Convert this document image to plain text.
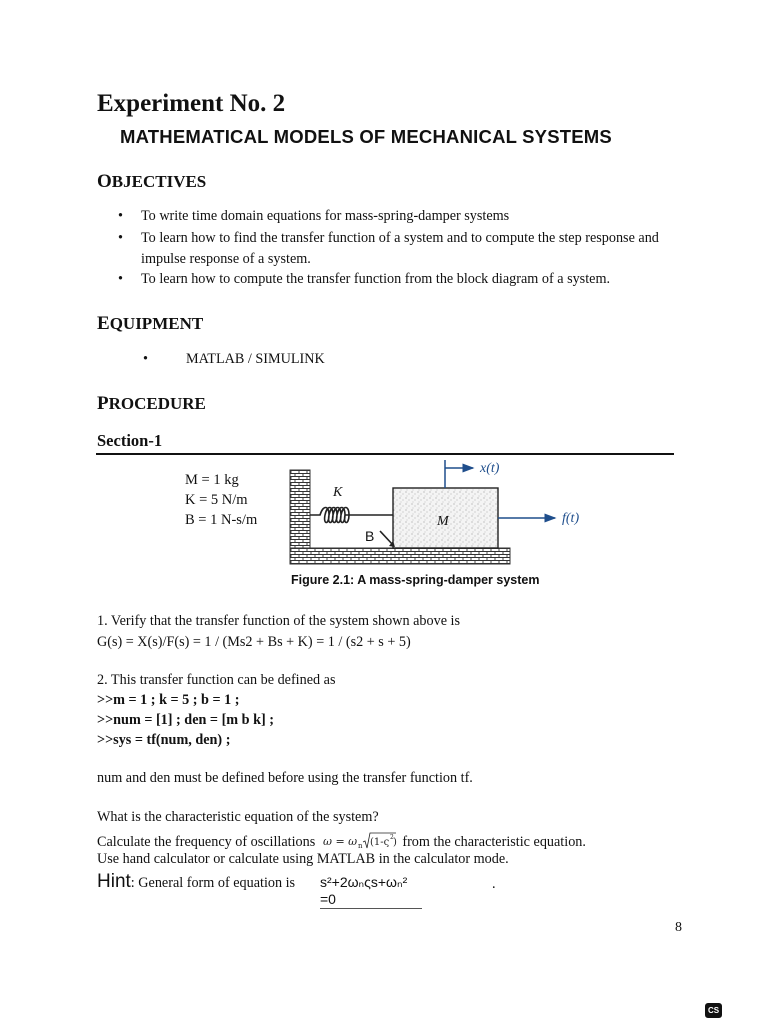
Experiment No. 2
MATHEMATICAL MODELS OF MECHANICAL SYSTEMS
OBJECTIVES
• To write time domain equations for mass-spring-damper systems
• To learn how to find the transfer function of a system and to compute the step response and impulse response of a system.
• To learn how to compute the transfer function from the block diagram of a system.
EQUIPMENT
•	MATLAB / SIMULINK
PROCEDURE
Section-1
M = 1 kg
K = 5 N/m
B = 1 N-s/m
K
B
M
x(t)
f(t)
Figure 2.1: A mass-spring-damper system
1. Verify that the transfer function of the system shown above is
G(s) = X(s)/F(s) = 1 / (Ms2 + Bs + K) = 1 / (s2 + s + 5)
2. This transfer function can be defined as
>>m = 1 ; k = 5 ; b = 1 ;
>>num = [1] ; den = [m b k] ;
>>sys = tf(num, den) ;
num and den must be defined before using the transfer function tf.
What is the characteristic equation of the system?
Calculate the frequency of oscillations ω = ω n (1-ς 2 ) from the characteristic equation.
Use hand calculator or calculate using MATLAB in the calculator mode.
Hint: General form of equation is s²+2ωₙςs+ωₙ² =0
.
8
CS
